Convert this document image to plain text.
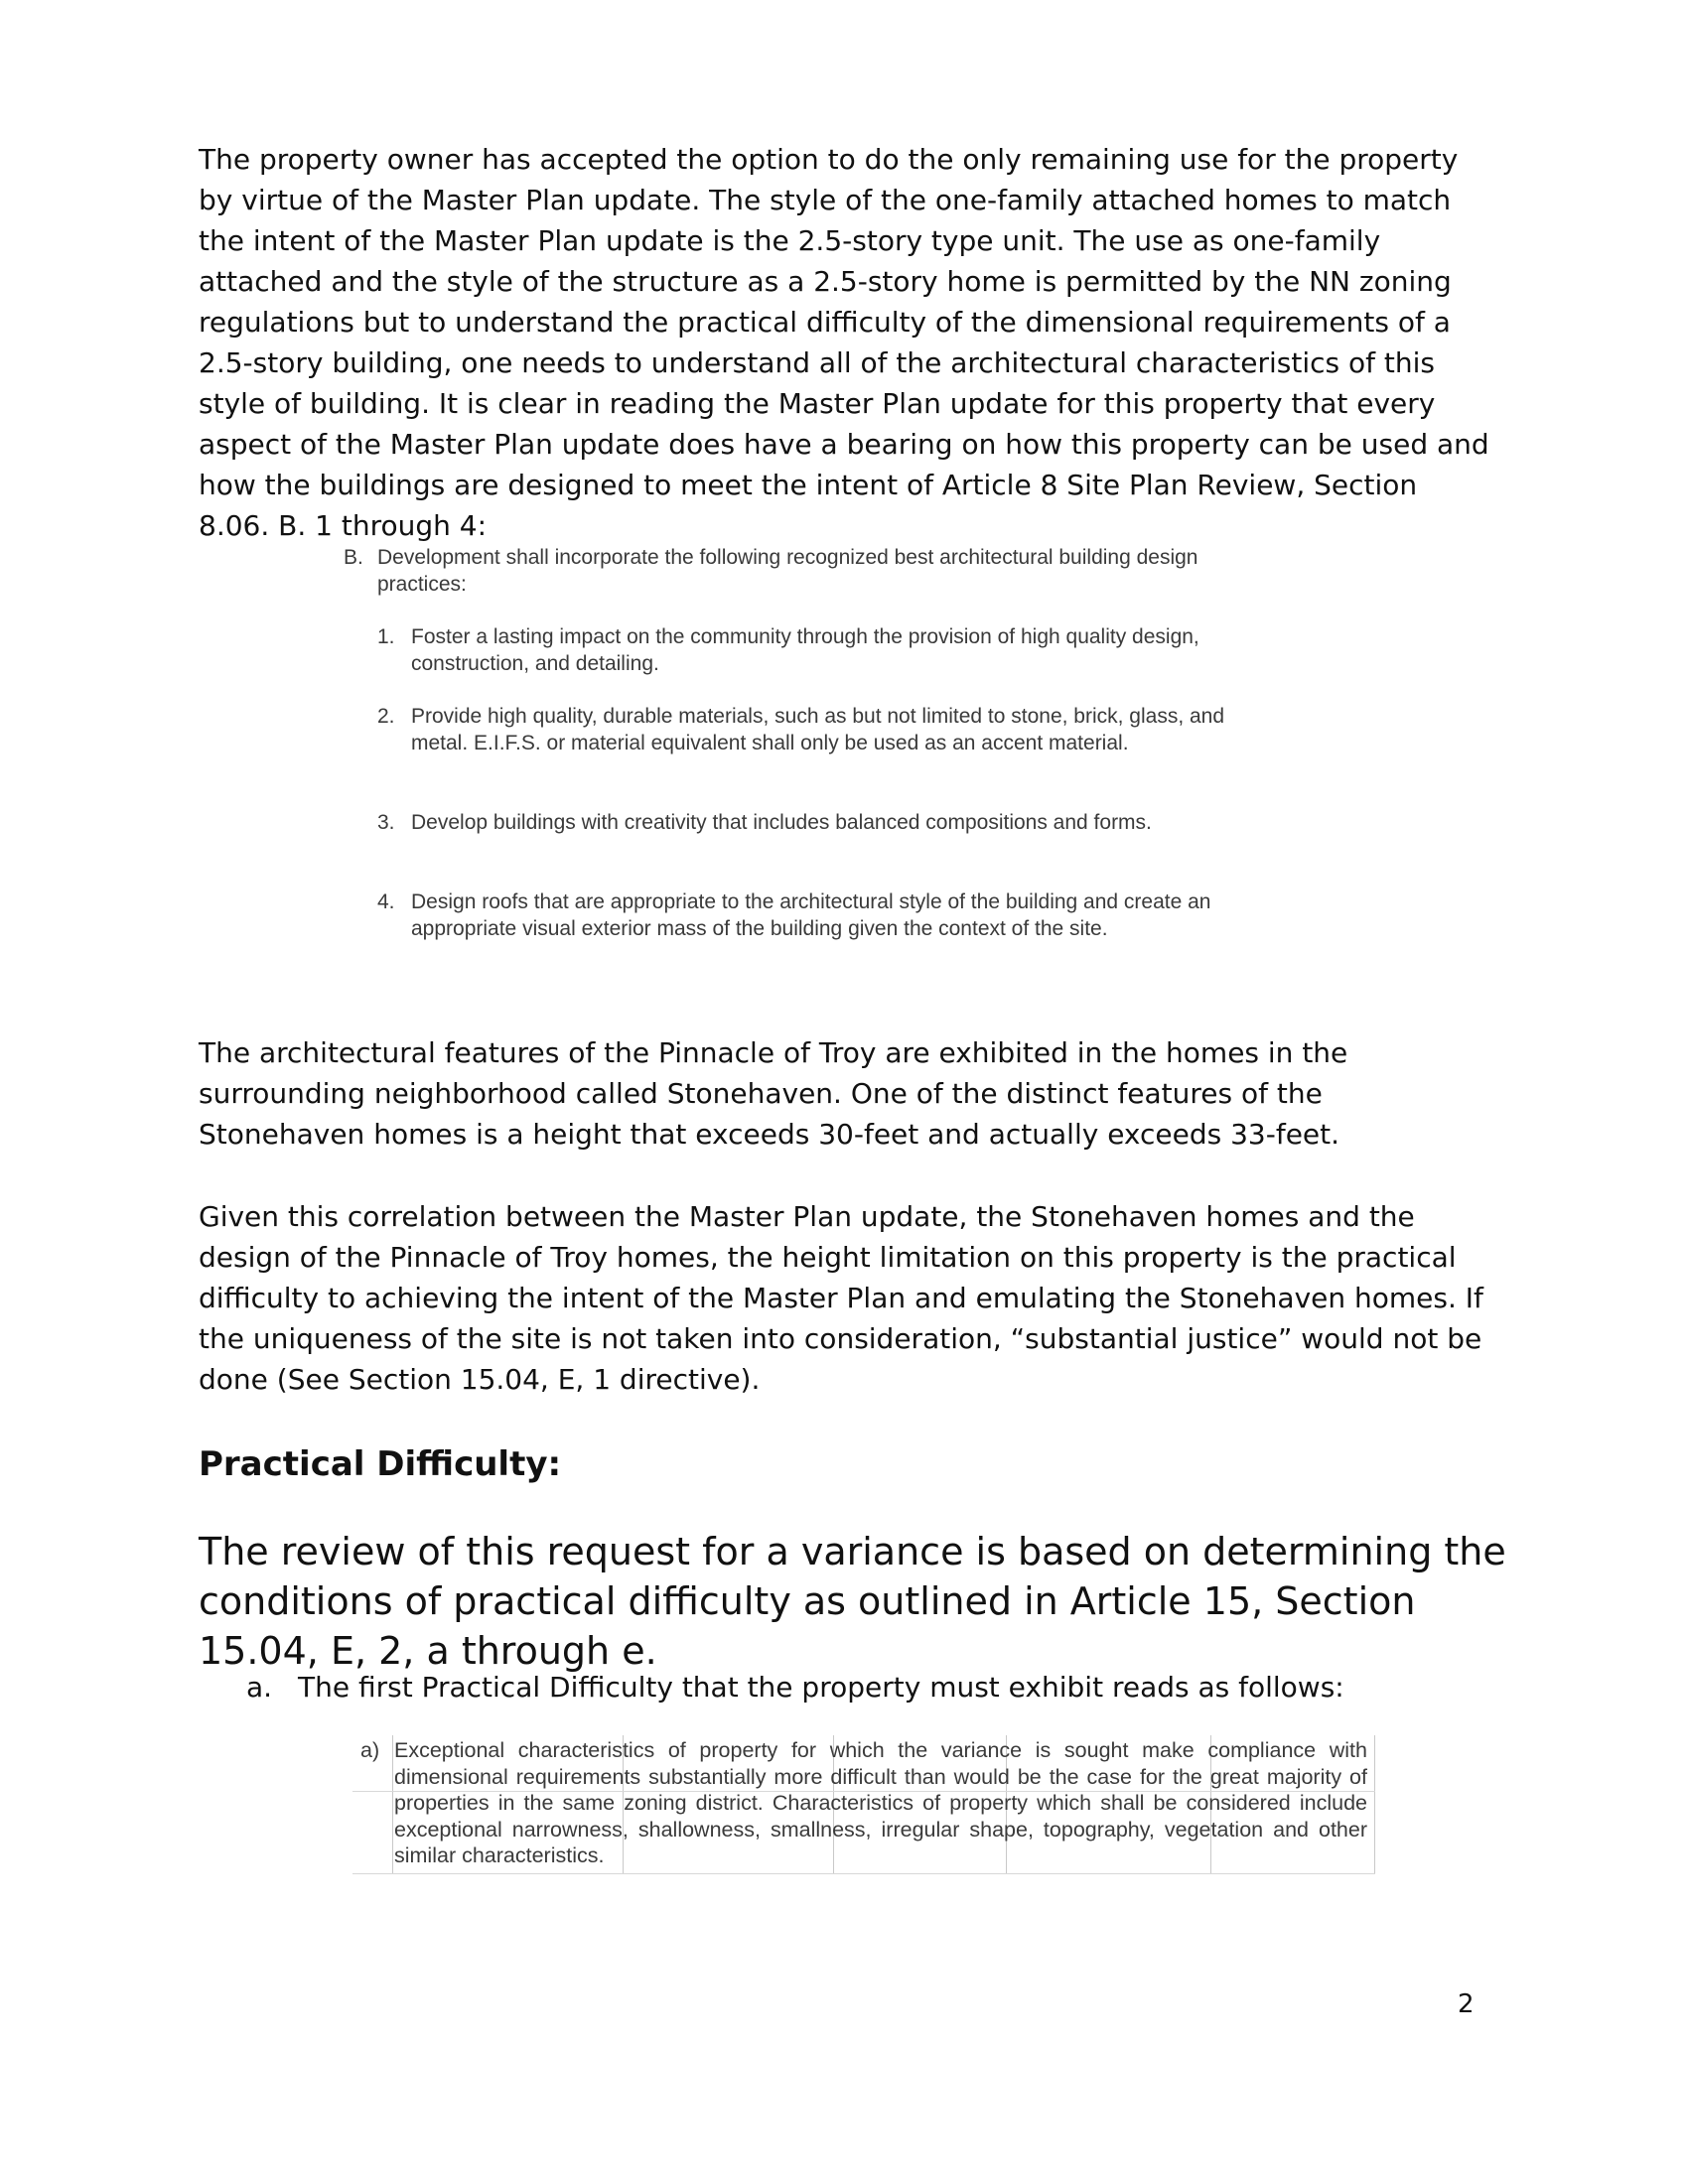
The property owner has accepted the option to do the only remaining use for the property by virtue of the Master Plan update. The style of the one-family attached homes to match the intent of the Master Plan update is the 2.5-story type unit. The use as one-family attached and the style of the structure as a 2.5-story home is permitted by the NN zoning regulations but to understand the practical difficulty of the dimensional requirements of a 2.5-story building, one needs to understand all of the architectural characteristics of this style of building. It is clear in reading the Master Plan update for this property that every aspect of the Master Plan update does have a bearing on how this property can be used and how the buildings are designed to meet the intent of Article 8 Site Plan Review, Section 8.06. B. 1 through 4:

B. Development shall incorporate the following recognized best architectural building design practices:
1. Foster a lasting impact on the community through the provision of high quality design, construction, and detailing.
2. Provide high quality, durable materials, such as but not limited to stone, brick, glass, and metal. E.I.F.S. or material equivalent shall only be used as an accent material.
3. Develop buildings with creativity that includes balanced compositions and forms.
4. Design roofs that are appropriate to the architectural style of the building and create an appropriate visual exterior mass of the building given the context of the site.

The architectural features of the Pinnacle of Troy are exhibited in the homes in the surrounding neighborhood called Stonehaven. One of the distinct features of the Stonehaven homes is a height that exceeds 30-feet and actually exceeds 33-feet.

Given this correlation between the Master Plan update, the Stonehaven homes and the design of the Pinnacle of Troy homes, the height limitation on this property is the practical difficulty to achieving the intent of the Master Plan and emulating the Stonehaven homes. If the uniqueness of the site is not taken into consideration, “substantial justice” would not be done (See Section 15.04, E, 1 directive).

Practical Difficulty:

The review of this request for a variance is based on determining the conditions of practical difficulty as outlined in Article 15, Section 15.04, E, 2, a through e.

a. The first Practical Difficulty that the property must exhibit reads as follows:
a) Exceptional characteristics of property for which the variance is sought make compliance with dimensional requirements substantially more difficult than would be the case for the great majority of properties in the same zoning district. Characteristics of property which shall be considered include exceptional narrowness, shallowness, smallness, irregular shape, topography, vegetation and other similar characteristics.
2
